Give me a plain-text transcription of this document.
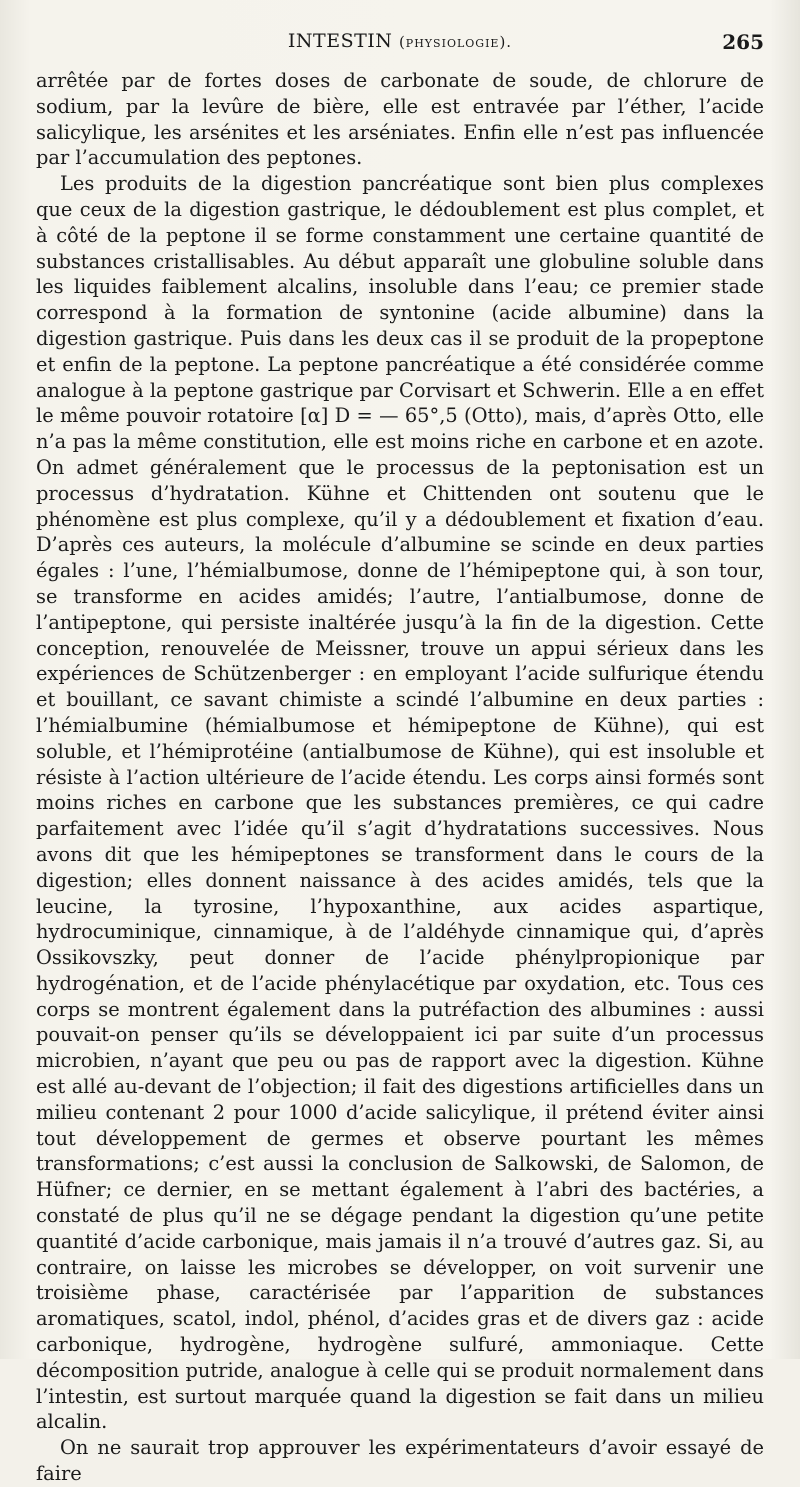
INTESTIN (physiologie).	265

arrêtée par de fortes doses de carbonate de soude, de chlorure de sodium, par la levûre de bière, elle est entravée par l’éther, l’acide salicylique, les arsénites et les arséniates. Enfin elle n’est pas influencée par l’accumulation des peptones.

Les produits de la digestion pancréatique sont bien plus complexes que ceux de la digestion gastrique, le dédoublement est plus complet, et à côté de la peptone il se forme constamment une certaine quantité de substances cristallisables. Au début apparaît une globuline soluble dans les liquides faiblement alcalins, insoluble dans l’eau; ce premier stade correspond à la formation de syntonine (acide albumine) dans la digestion gastrique. Puis dans les deux cas il se produit de la propeptone et enfin de la peptone. La peptone pancréatique a été considérée comme analogue à la peptone gastrique par Corvisart et Schwerin. Elle a en effet le même pouvoir rotatoire [α] D = — 65°,5 (Otto), mais, d’après Otto, elle n’a pas la même constitution, elle est moins riche en carbone et en azote. On admet généralement que le processus de la peptonisation est un processus d’hydratation. Kühne et Chittenden ont soutenu que le phénomène est plus complexe, qu’il y a dédoublement et fixation d’eau. D’après ces auteurs, la molécule d’albumine se scinde en deux parties égales : l’une, l’hémialbumose, donne de l’hémipeptone qui, à son tour, se transforme en acides amidés; l’autre, l’antialbumose, donne de l’antipeptone, qui persiste inaltérée jusqu’à la fin de la digestion. Cette conception, renouvelée de Meissner, trouve un appui sérieux dans les expériences de Schützenberger : en employant l’acide sulfurique étendu et bouillant, ce savant chimiste a scindé l’albumine en deux parties : l’hémialbumine (hémialbumose et hémipeptone de Kühne), qui est soluble, et l’hémiprotéine (antialbumose de Kühne), qui est insoluble et résiste à l’action ultérieure de l’acide étendu. Les corps ainsi formés sont moins riches en carbone que les substances premières, ce qui cadre parfaitement avec l’idée qu’il s’agit d’hydratations successives. Nous avons dit que les hémipeptones se transforment dans le cours de la digestion; elles donnent naissance à des acides amidés, tels que la leucine, la tyrosine, l’hypoxanthine, aux acides aspartique, hydrocuminique, cinnamique, à de l’aldéhyde cinnamique qui, d’après Ossikovszky, peut donner de l’acide phénylpropionique par hydrogénation, et de l’acide phénylacétique par oxydation, etc. Tous ces corps se montrent également dans la putréfaction des albumines : aussi pouvait-on penser qu’ils se développaient ici par suite d’un processus microbien, n’ayant que peu ou pas de rapport avec la digestion. Kühne est allé au-devant de l’objection; il fait des digestions artificielles dans un milieu contenant 2 pour 1000 d’acide salicylique, il prétend éviter ainsi tout développement de germes et observe pourtant les mêmes transformations; c’est aussi la conclusion de Salkowski, de Salomon, de Hüfner; ce dernier, en se mettant également à l’abri des bactéries, a constaté de plus qu’il ne se dégage pendant la digestion qu’une petite quantité d’acide carbonique, mais jamais il n’a trouvé d’autres gaz. Si, au contraire, on laisse les microbes se développer, on voit survenir une troisième phase, caractérisée par l’apparition de substances aromatiques, scatol, indol, phénol, d’acides gras et de divers gaz : acide carbonique, hydrogène, hydrogène sulfuré, ammoniaque. Cette décomposition putride, analogue à celle qui se produit normalement dans l’intestin, est surtout marquée quand la digestion se fait dans un milieu alcalin.

On ne saurait trop approuver les expérimentateurs d’avoir essayé de faire
